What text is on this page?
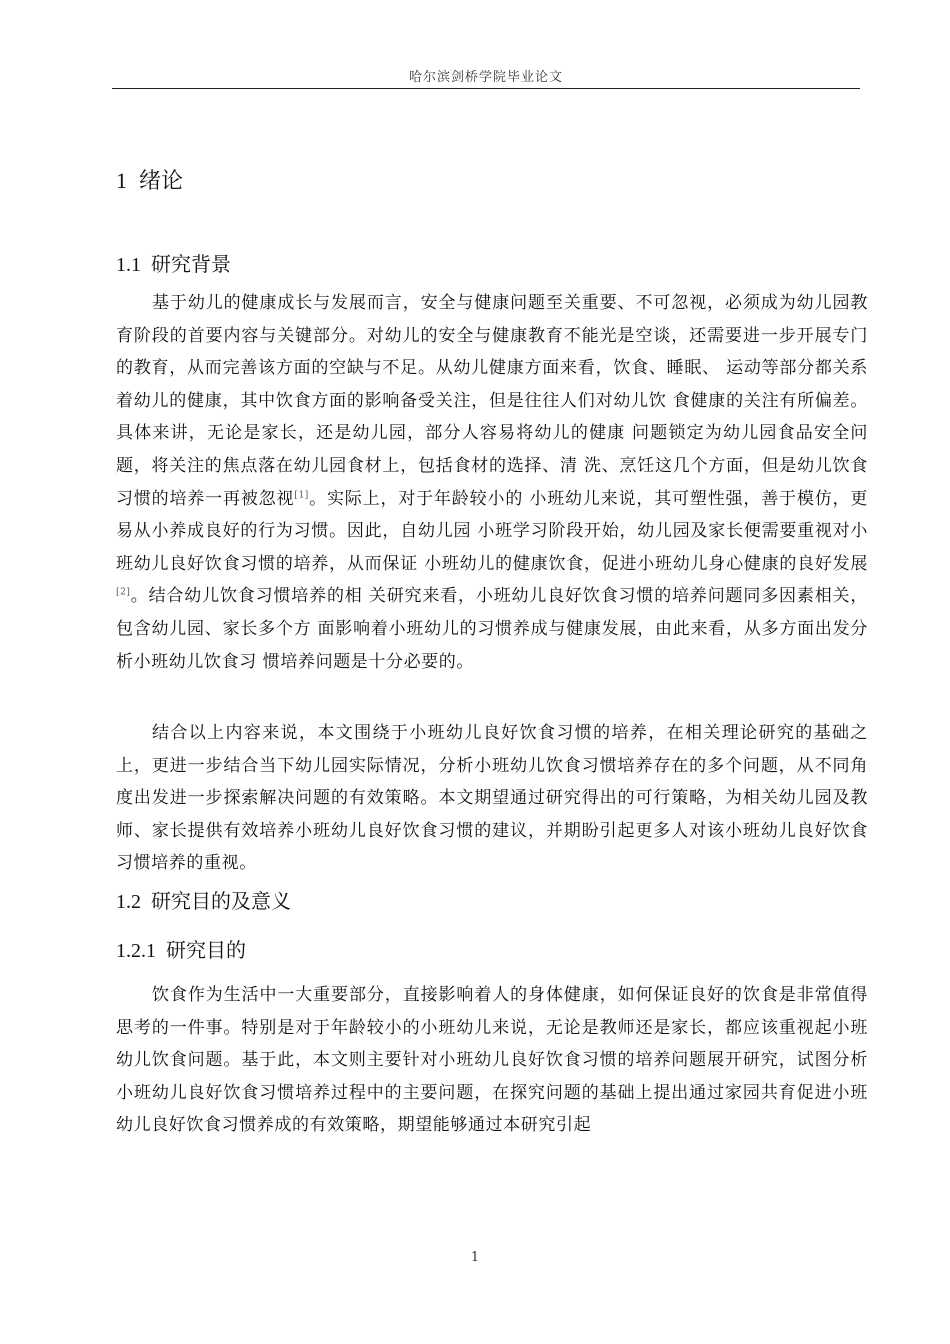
哈尔滨剑桥学院毕业论文
1 绪论
1.1 研究背景

基于幼儿的健康成长与发展而言，安全与健康问题至关重要、不可忽视，必须成为幼儿园教育阶段的首要内容与关键部分。对幼儿的安全与健康教育不能光是空谈，还需要进一步开展专门的教育，从而完善该方面的空缺与不足。从幼儿健康方面来看，饮食、睡眠、 运动等部分都关系着幼儿的健康，其中饮食方面的影响备受关注，但是往往人们对幼儿饮 食健康的关注有所偏差。具体来讲，无论是家长，还是幼儿园，部分人容易将幼儿的健康 问题锁定为幼儿园食品安全问题，将关注的焦点落在幼儿园食材上，包括食材的选择、清 洗、烹饪这几个方面，但是幼儿饮食习惯的培养一再被忽视[1]。实际上，对于年龄较小的 小班幼儿来说，其可塑性强，善于模仿，更易从小养成良好的行为习惯。因此，自幼儿园 小班学习阶段开始，幼儿园及家长便需要重视对小班幼儿良好饮食习惯的培养，从而保证 小班幼儿的健康饮食，促进小班幼儿身心健康的良好发展[2]。结合幼儿饮食习惯培养的相 关研究来看，小班幼儿良好饮食习惯的培养问题同多因素相关，包含幼儿园、家长多个方 面影响着小班幼儿的习惯养成与健康发展，由此来看，从多方面出发分析小班幼儿饮食习 惯培养问题是十分必要的。

结合以上内容来说，本文围绕于小班幼儿良好饮食习惯的培养，在相关理论研究的基础之上，更进一步结合当下幼儿园实际情况，分析小班幼儿饮食习惯培养存在的多个问题，从不同角度出发进一步探索解决问题的有效策略。本文期望通过研究得出的可行策略，为相关幼儿园及教师、家长提供有效培养小班幼儿良好饮食习惯的建议，并期盼引起更多人对该小班幼儿良好饮食习惯培养的重视。

1.2 研究目的及意义
1.2.1 研究目的

饮食作为生活中一大重要部分，直接影响着人的身体健康，如何保证良好的饮食是非常值得思考的一件事。特别是对于年龄较小的小班幼儿来说，无论是教师还是家长，都应该重视起小班幼儿饮食问题。基于此，本文则主要针对小班幼儿良好饮食习惯的培养问题展开研究，试图分析小班幼儿良好饮食习惯培养过程中的主要问题，在探究问题的基础上提出通过家园共育促进小班幼儿良好饮食习惯养成的有效策略，期望能够通过本研究引起

1
